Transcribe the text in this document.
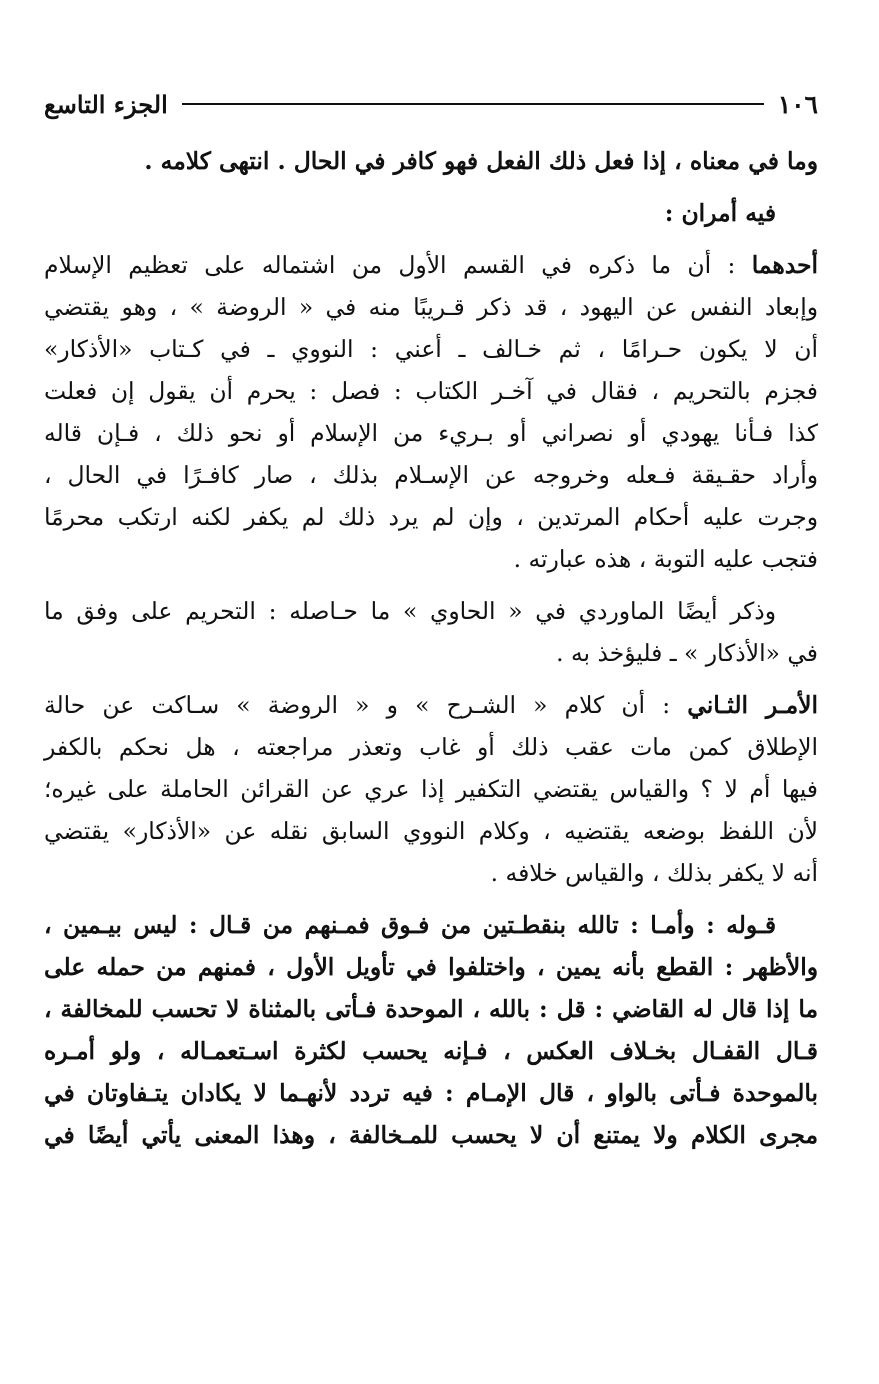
١٠٦
الجزء التاسع

وما في معناه ، إذا فعل ذلك الفعل فهو كافر في الحال . انتهى كلامه .

فيه أمران :

أحدهما : أن ما ذكره في القسم الأول من اشتماله على تعظيم الإسلام
وإبعاد النفس عن اليهود ، قد ذكر قـريبًا منه في « الروضة » ، وهو يقتضي
أن لا يكون حـرامًا ، ثم خـالف ـ أعني : النووي ـ في كـتاب «الأذكار»
فجزم بالتحريم ، فقال في آخـر الكتاب : فصل : يحرم أن يقول إن فعلت
كذا فـأنا يهودي أو نصراني أو بـريء من الإسلام أو نحو ذلك ، فـإن قاله
وأراد حقـيقة فـعله وخروجه عن الإسـلام بذلك ، صار كافـرًا في الحال ،
وجرت عليه أحكام المرتدين ، وإن لم يرد ذلك لم يكفر لكنه ارتكب محرمًا
فتجب عليه التوبة ، هذه عبارته .

وذكر أيضًا الماوردي في « الحاوي » ما حـاصله : التحريم على وفق ما
في «الأذكار » ـ فليؤخذ به .

الأمـر الثـاني : أن كلام « الشـرح » و « الروضة » سـاكت عن حالة
الإطلاق كمن مات عقب ذلك أو غاب وتعذر مراجعته ، هل نحكم بالكفر
فيها أم لا ؟ والقياس يقتضي التكفير إذا عري عن القرائن الحاملة على غيره؛
لأن اللفظ بوضعه يقتضيه ، وكلام النووي السابق نقله عن «الأذكار» يقتضي
أنه لا يكفر بذلك ، والقياس خلافه .

قـوله : وأمـا : تالله بنقطـتين من فـوق فمـنهم من قـال : ليس بيـمين ،
والأظهر : القطع بأنه يمين ، واختلفوا في تأويل الأول ، فمنهم من حمله على
ما إذا قال له القاضي : قل : بالله ، الموحدة فـأتى بالمثناة لا تحسب للمخالفة ،
قـال القفـال بخـلاف العكس ، فـإنه يحسب لكثرة اسـتعمـاله ، ولو أمـره
بالموحدة فـأتى بالواو ، قال الإمـام : فيه تردد لأنهـما لا يكادان يتـفاوتان في
مجرى الكلام ولا يمتنع أن لا يحسب للمـخالفة ، وهذا المعنى يأتي أيضًا في
